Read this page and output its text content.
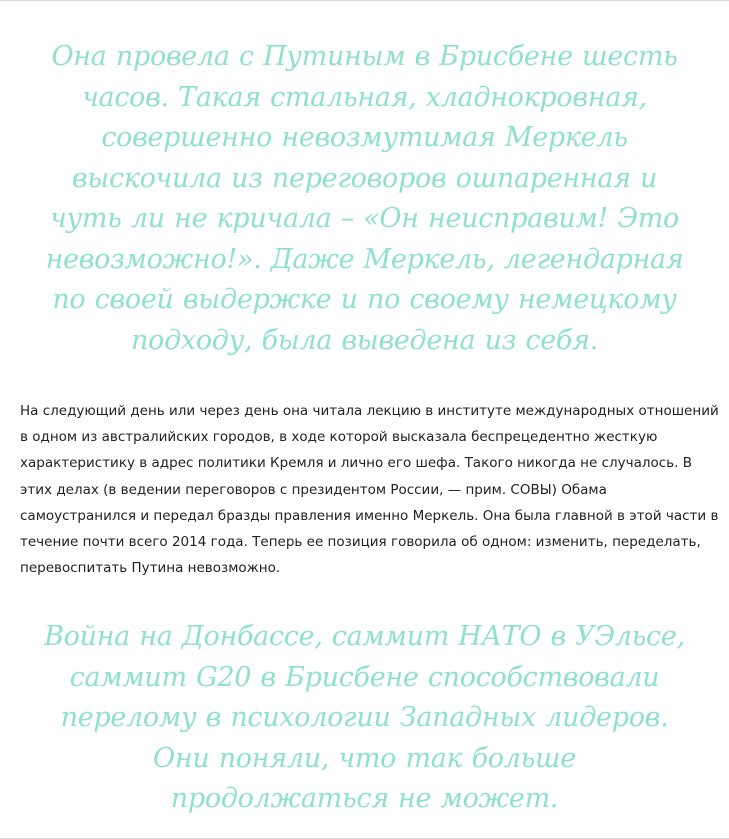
Она провела с Путиным в Брисбене шесть часов. Такая стальная, хладнокровная, совершенно невозмутимая Меркель выскочила из переговоров ошпаренная и чуть ли не кричала – «Он неисправим! Это невозможно!». Даже Меркель, легендарная по своей выдержке и по своему немецкому подходу, была выведена из себя.

На следующий день или через день она читала лекцию в институте международных отношений в одном из австралийских городов, в ходе которой высказала беспрецедентно жесткую характеристику в адрес политики Кремля и лично его шефа. Такого никогда не случалось. В этих делах (в ведении переговоров с президентом России, — прим. СОВЫ) Обама самоустранился и передал бразды правления именно Меркель. Она была главной в этой части в течение почти всего 2014 года. Теперь ее позиция говорила об одном: изменить, переделать, перевоспитать Путина невозможно.

Война на Донбассе, саммит НАТО в УЭльсе, саммит G20 в Брисбене способствовали перелому в психологии Западных лидеров. Они поняли, что так больше продолжаться не может.
